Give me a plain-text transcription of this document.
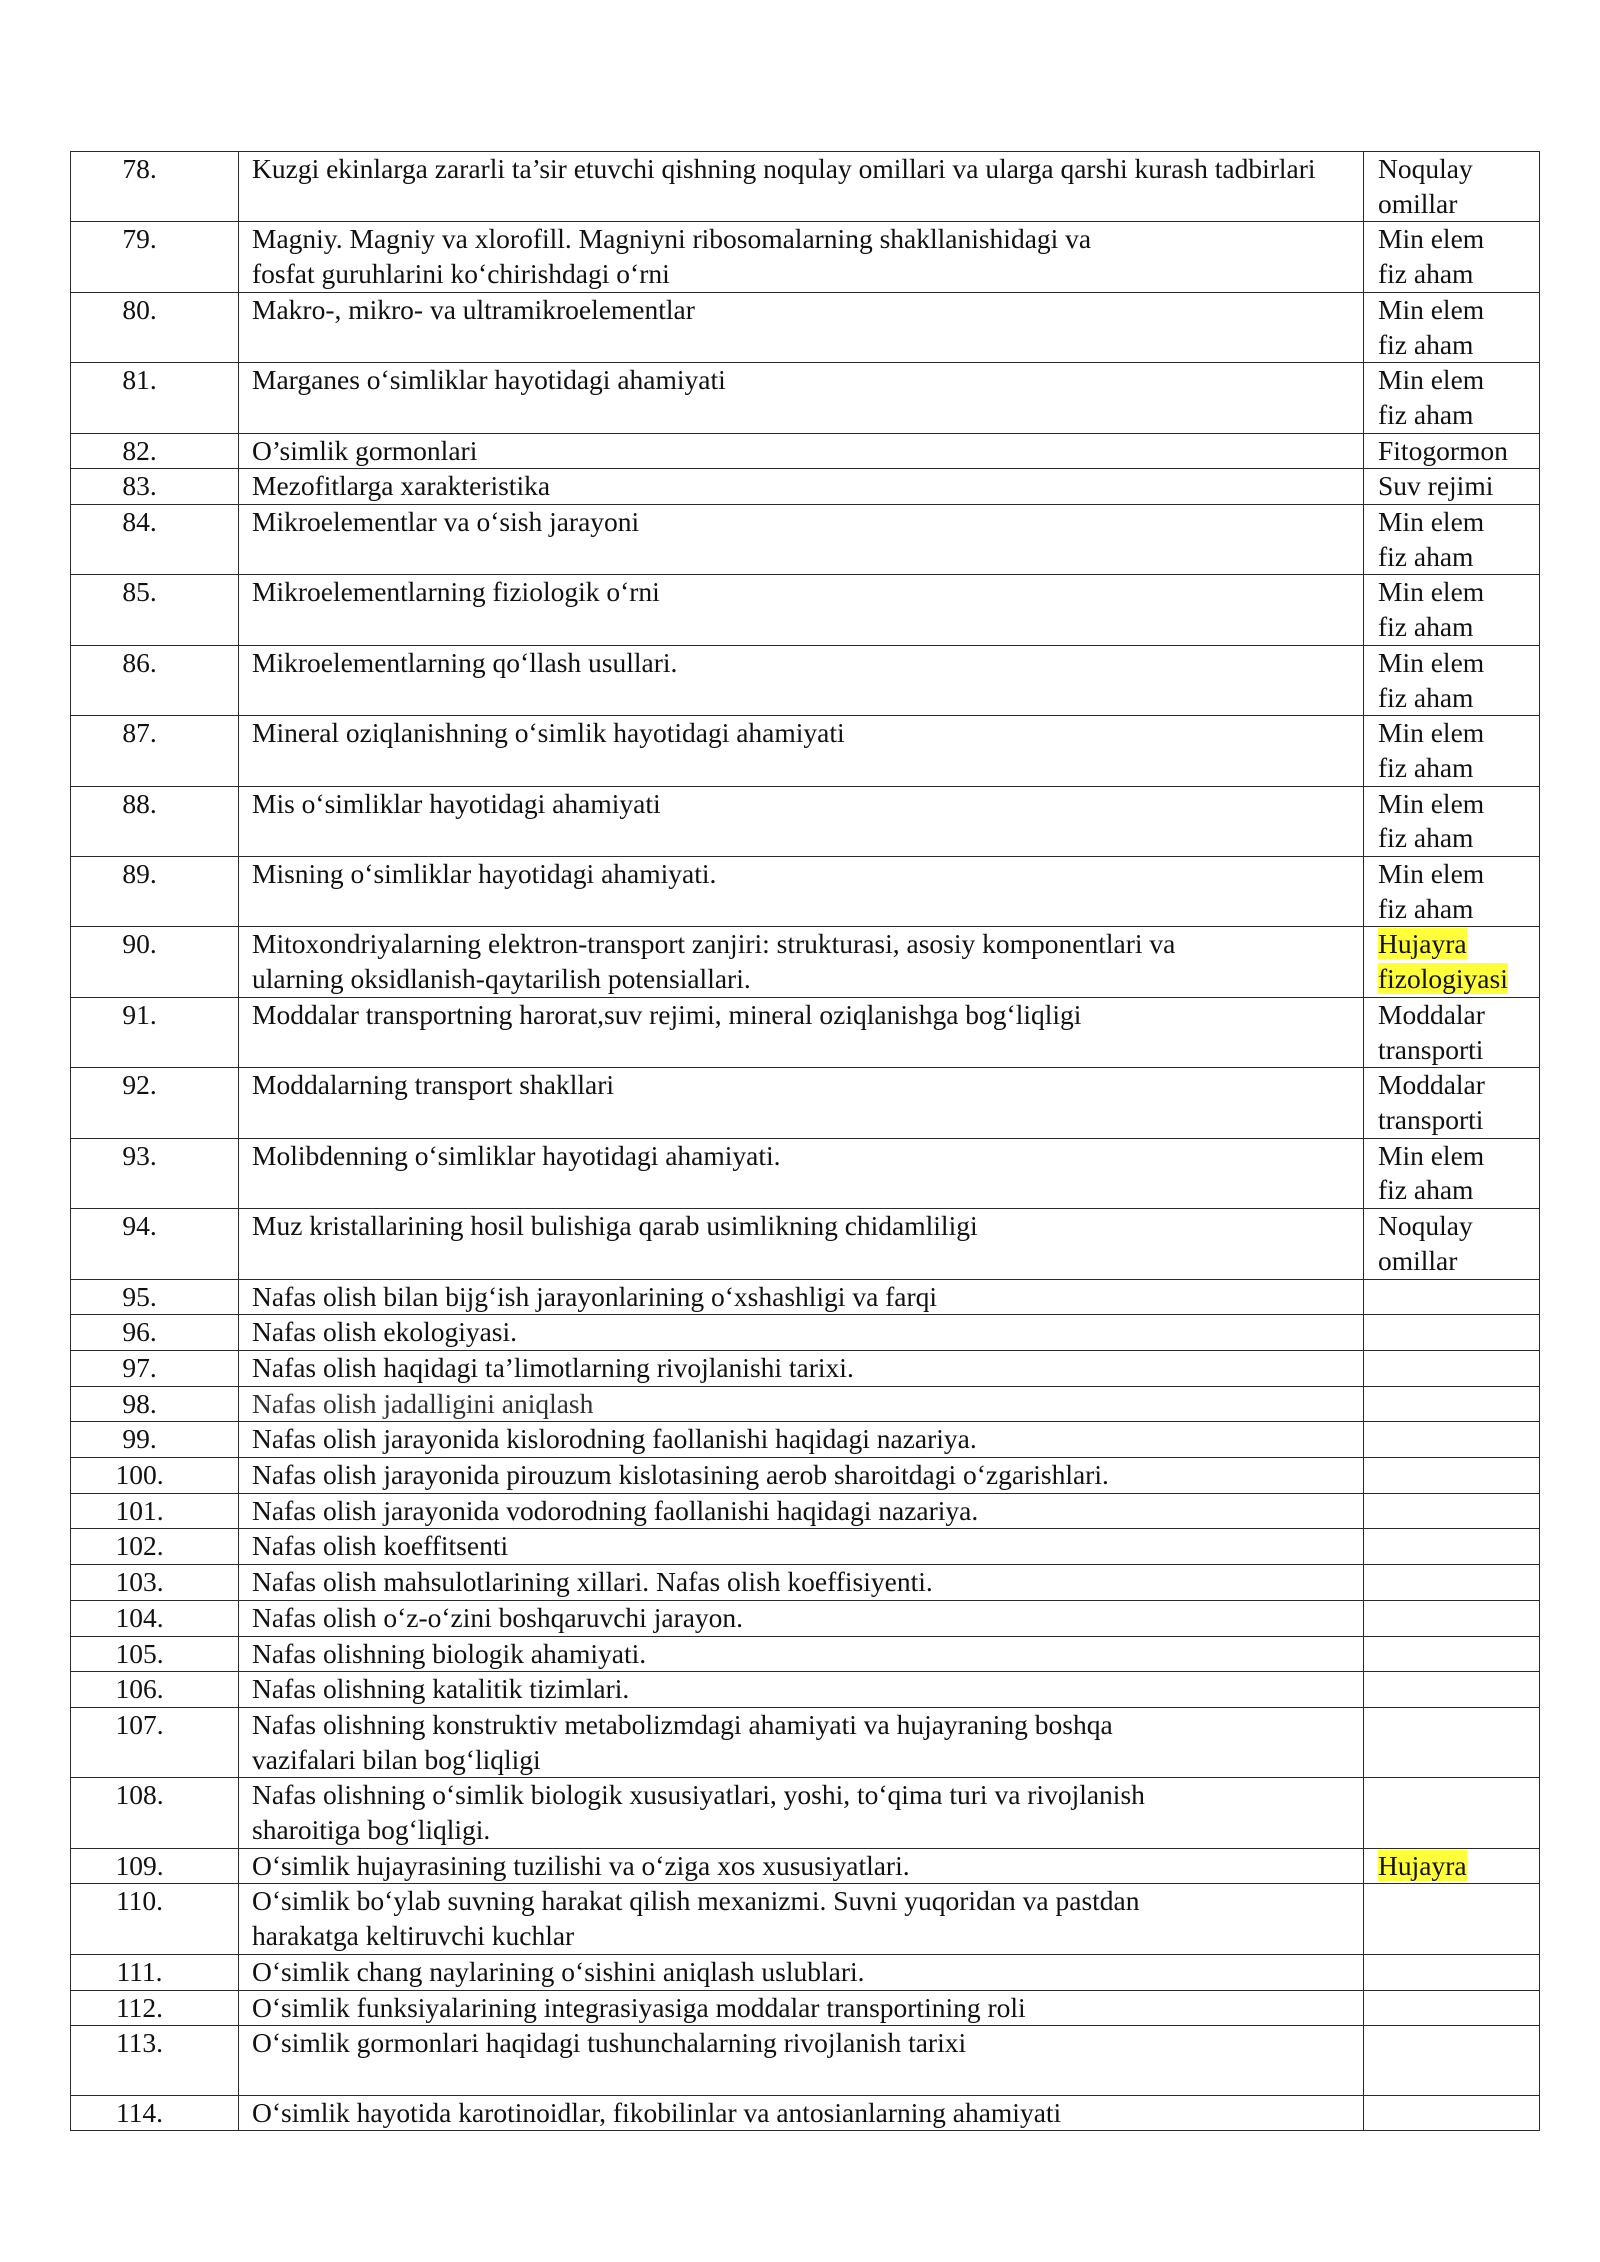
78.	Kuzgi ekinlarga zararli ta’sir etuvchi qishning noqulay omillari va ularga qarshi kurash tadbirlari	Noqulay
omillar
79.	Magniy. Magniy va xlorofill. Magniyni ribosomalarning shakllanishidagi va
fosfat guruhlarini ko‘chirishdagi o‘rni	Min elem
fiz aham
80.	Makro-, mikro- va ultramikroelementlar	Min elem
fiz aham
81.	Marganes o‘simliklar hayotidagi ahamiyati	Min elem
fiz aham
82.	O’simlik gormonlari	Fitogormon
83.	Mezofitlarga xarakteristika	Suv rejimi
84.	Mikroelementlar va o‘sish jarayoni	Min elem
fiz aham
85.	Mikroelementlarning fiziologik o‘rni	Min elem
fiz aham
86.	Mikroelementlarning qo‘llash usullari.	Min elem
fiz aham
87.	Mineral oziqlanishning o‘simlik hayotidagi ahamiyati	Min elem
fiz aham
88.	Mis o‘simliklar hayotidagi ahamiyati	Min elem
fiz aham
89.	Misning o‘simliklar hayotidagi ahamiyati.	Min elem
fiz aham
90.	Mitoxondriyalarning elektron-transport zanjiri: strukturasi, asosiy komponentlari va
ularning oksidlanish-qaytarilish potensiallari.	Hujayra
fizologiyasi
91.	Moddalar transportning harorat,suv rejimi, mineral oziqlanishga bog‘liqligi	Moddalar
transporti
92.	Moddalarning transport shakllari	Moddalar
transporti
93.	Molibdenning o‘simliklar hayotidagi ahamiyati.	Min elem
fiz aham
94.	Muz kristallarining hosil bulishiga qarab usimlikning chidamliligi	Noqulay
omillar
95.	Nafas olish bilan bijg‘ish jarayonlarining o‘xshashligi va farqi	
96.	Nafas olish ekologiyasi.	
97.	Nafas olish haqidagi ta’limotlarning rivojlanishi tarixi.	
98.	Nafas olish jadalligini aniqlash	
99.	Nafas olish jarayonida kislorodning faollanishi haqidagi nazariya.	
100.	Nafas olish jarayonida pirouzum kislotasining aerob sharoitdagi o‘zgarishlari.	
101.	Nafas olish jarayonida vodorodning faollanishi haqidagi nazariya.	
102.	Nafas olish koeffitsenti	
103.	Nafas olish mahsulotlarining xillari. Nafas olish koeffisiyenti.	
104.	Nafas olish o‘z-o‘zini boshqaruvchi jarayon.	
105.	Nafas olishning biologik ahamiyati.	
106.	Nafas olishning katalitik tizimlari.	
107.	Nafas olishning konstruktiv metabolizmdagi ahamiyati va hujayraning boshqa
vazifalari bilan bog‘liqligi	
108.	Nafas olishning o‘simlik biologik xususiyatlari, yoshi, to‘qima turi va rivojlanish
sharoitiga bog‘liqligi.	
109.	O‘simlik hujayrasining tuzilishi va o‘ziga xos xususiyatlari.	Hujayra
110.	O‘simlik bo‘ylab suvning harakat qilish mexanizmi. Suvni yuqoridan va pastdan
harakatga keltiruvchi kuchlar	
111.	O‘simlik chang naylarining o‘sishini aniqlash uslublari.	
112.	O‘simlik funksiyalarining integrasiyasiga moddalar transportining roli	
113.	O‘simlik gormonlari haqidagi tushunchalarning rivojlanish tarixi	
114.	O‘simlik hayotida karotinoidlar, fikobilinlar va antosianlarning ahamiyati	
